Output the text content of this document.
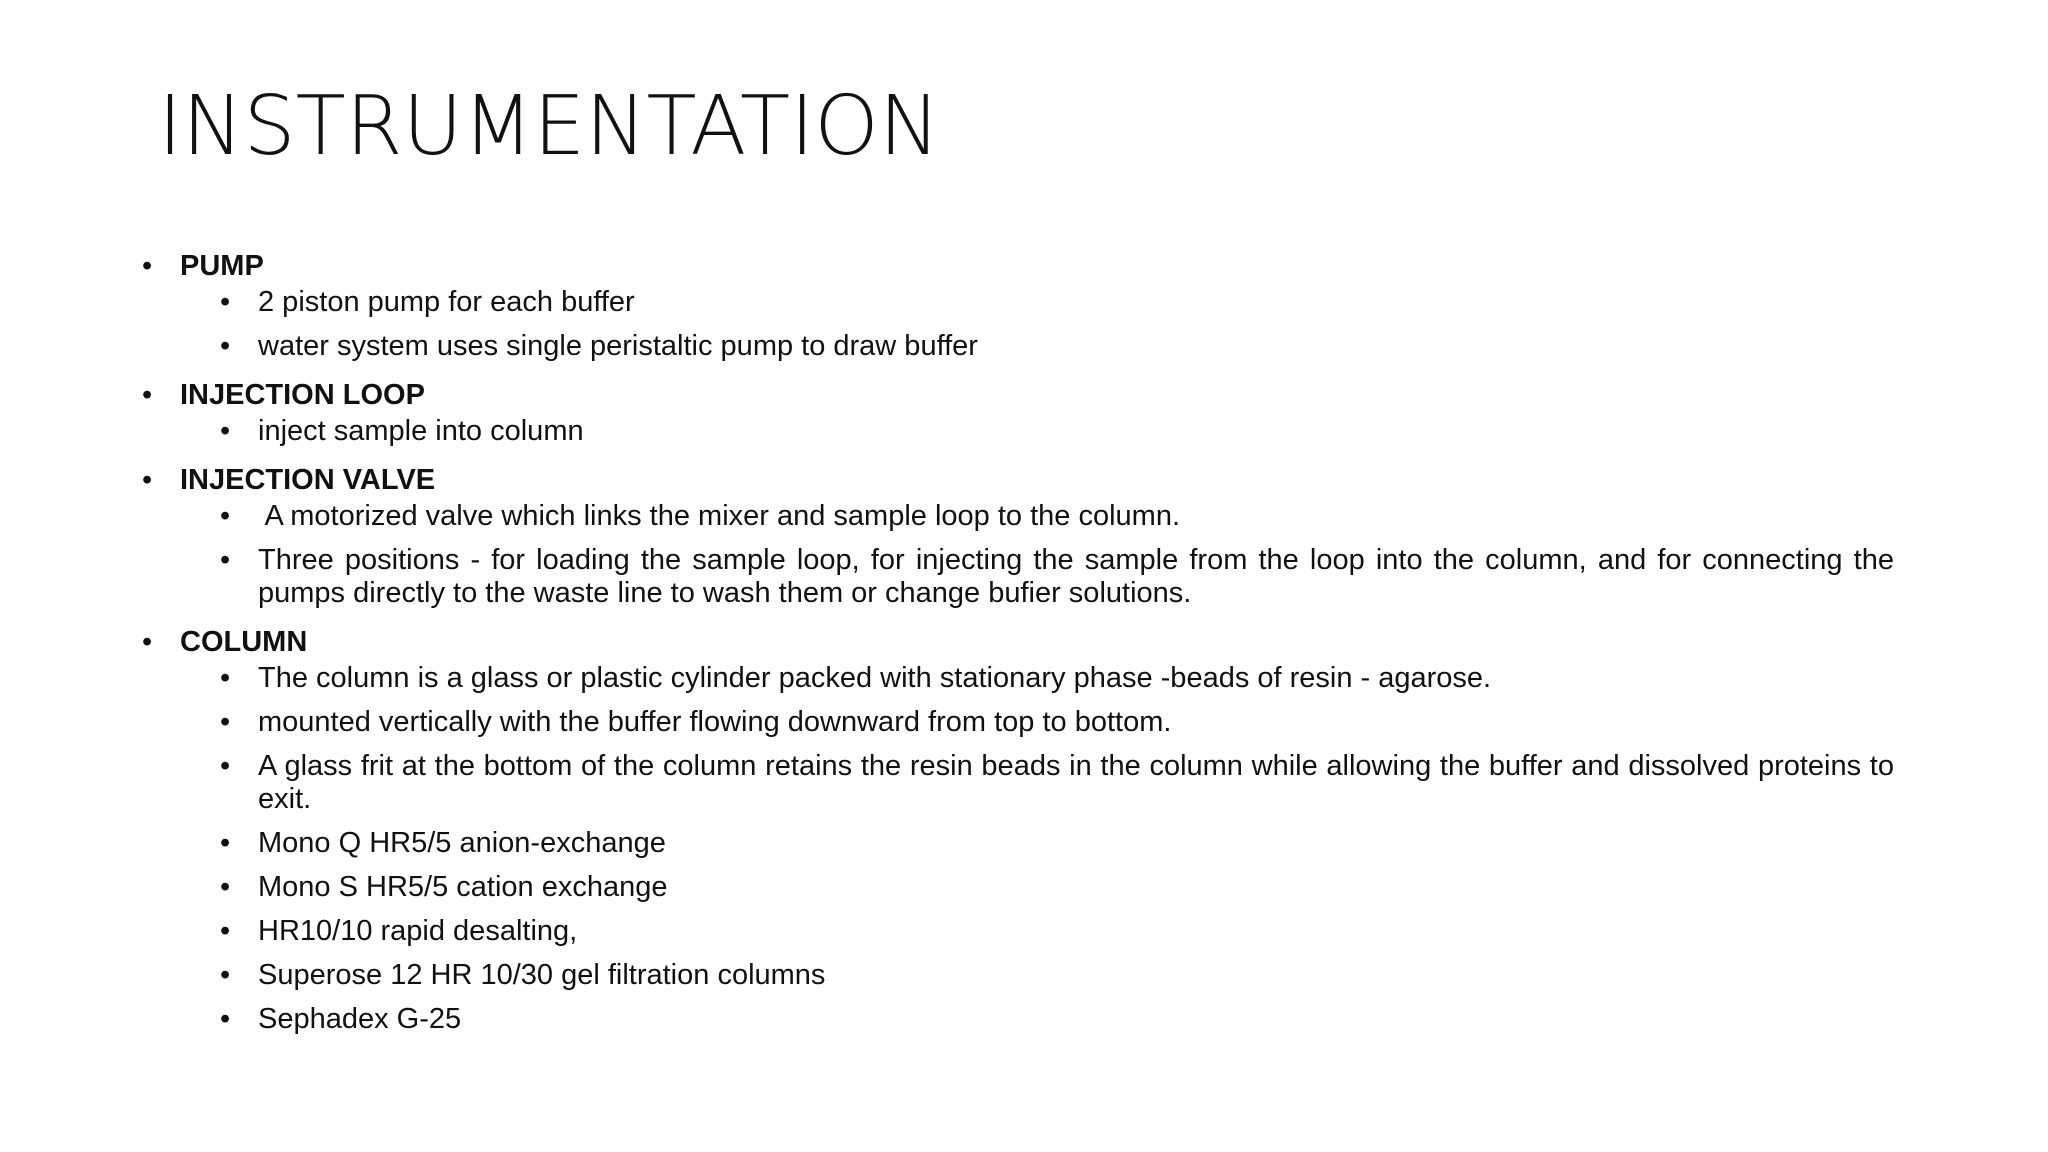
INSTRUMENTATION
• PUMP
• 2 piston pump for each buffer
• water system uses single peristaltic pump to draw buffer
• INJECTION LOOP
• inject sample into column
• INJECTION VALVE
• A motorized valve which links the mixer and sample loop to the column.
• Three positions - for loading the sample loop, for injecting the sample from the loop into the column, and for connecting the pumps directly to the waste line to wash them or change bufier solutions.
• COLUMN
• The column is a glass or plastic cylinder packed with stationary phase -beads of resin - agarose.
• mounted vertically with the buffer flowing downward from top to bottom.
• A glass frit at the bottom of the column retains the resin beads in the column while allowing the buffer and dissolved proteins to exit.
• Mono Q HR5/5 anion-exchange
• Mono S HR5/5 cation exchange
• HR10/10 rapid desalting,
• Superose 12 HR 10/30 gel filtration columns
• Sephadex G-25
